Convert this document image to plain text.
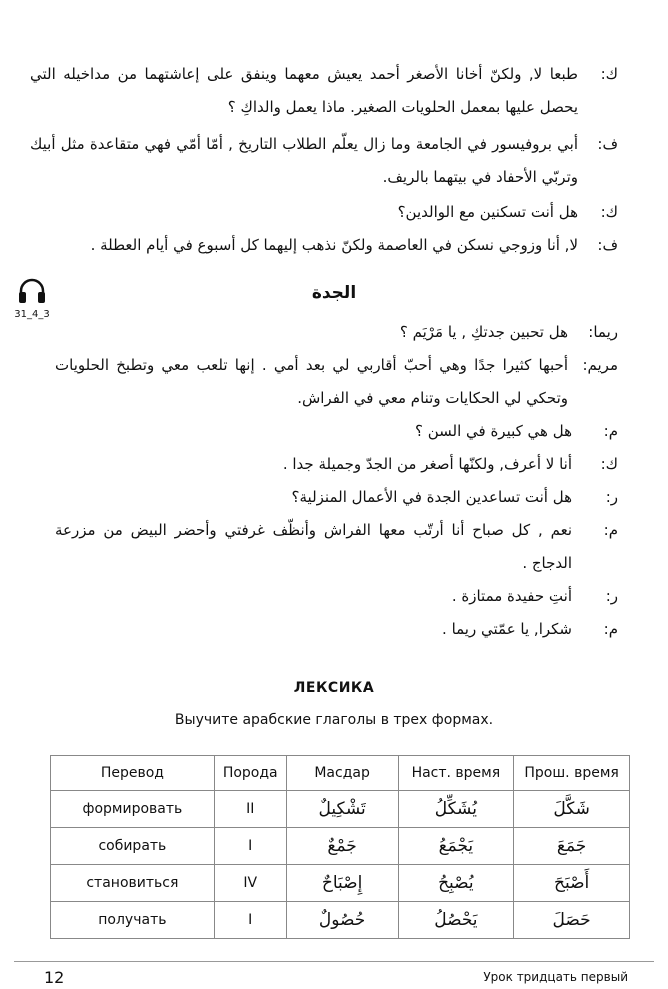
ك:
طبعا لا, ولكنّ أخانا الأصغر أحمد يعيش معهما وينفق على إعاشتهما من مداخيله التي يحصل عليها بمعمل الحلويات الصغير. ماذا يعمل والداكِ ؟
ف:
أبي بروفيسور في الجامعة وما زال يعلّم الطلاب التاريخ , أمّا أمّي فهي متقاعدة مثل أبيك وتربّي الأحفاد في بيتهما بالريف.
ك:
هل أنت تسكنين مع الوالدين؟
ف:
لا, أنا وزوجي نسكن في العاصمة ولكنّ نذهب إليهما كل أسبوع في أيام العطلة .
31_4_3
الجدة
ريما:
هل تحبين جدتكِ , يا مَرْيَم ؟
مريم:
أحبها كثيرا جدًا وهي أحبّ أقاربي لي بعد أمي . إنها تلعب معي وتطبخ الحلويات وتحكي لي الحكايات وتنام معي في الفراش.
م:
هل هي كبيرة في السن ؟
ك:
أنا لا أعرف, ولكنّها أصغر من الجدّ وجميلة جدا .
ر:
هل أنت تساعدين الجدة في الأعمال المنزلية؟
م:
نعم , كل صباح أنا أرتّب معها الفراش وأنظّف غرفتي وأحضر البيض من مزرعة الدجاج .
ر:
أنتِ حفيدة ممتازة .
م:
شكرا, يا عمّتي ريما .
ЛЕКСИКА
Выучите арабские глаголы в трех формах.
Перевод	Порода	Масдар	Наст. время	Прош. время
формировать	II	تَشْكِيلٌ	يُشَكِّلُ	شَكَّلَ
собирать	I	جَمْعٌ	يَجْمَعُ	جَمَعَ
становиться	IV	إِصْبَاحٌ	يُصْبِحُ	أَصْبَحَ
получать	I	حُصُولٌ	يَحْصُلُ	حَصَلَ
12	Урок тридцать первый
